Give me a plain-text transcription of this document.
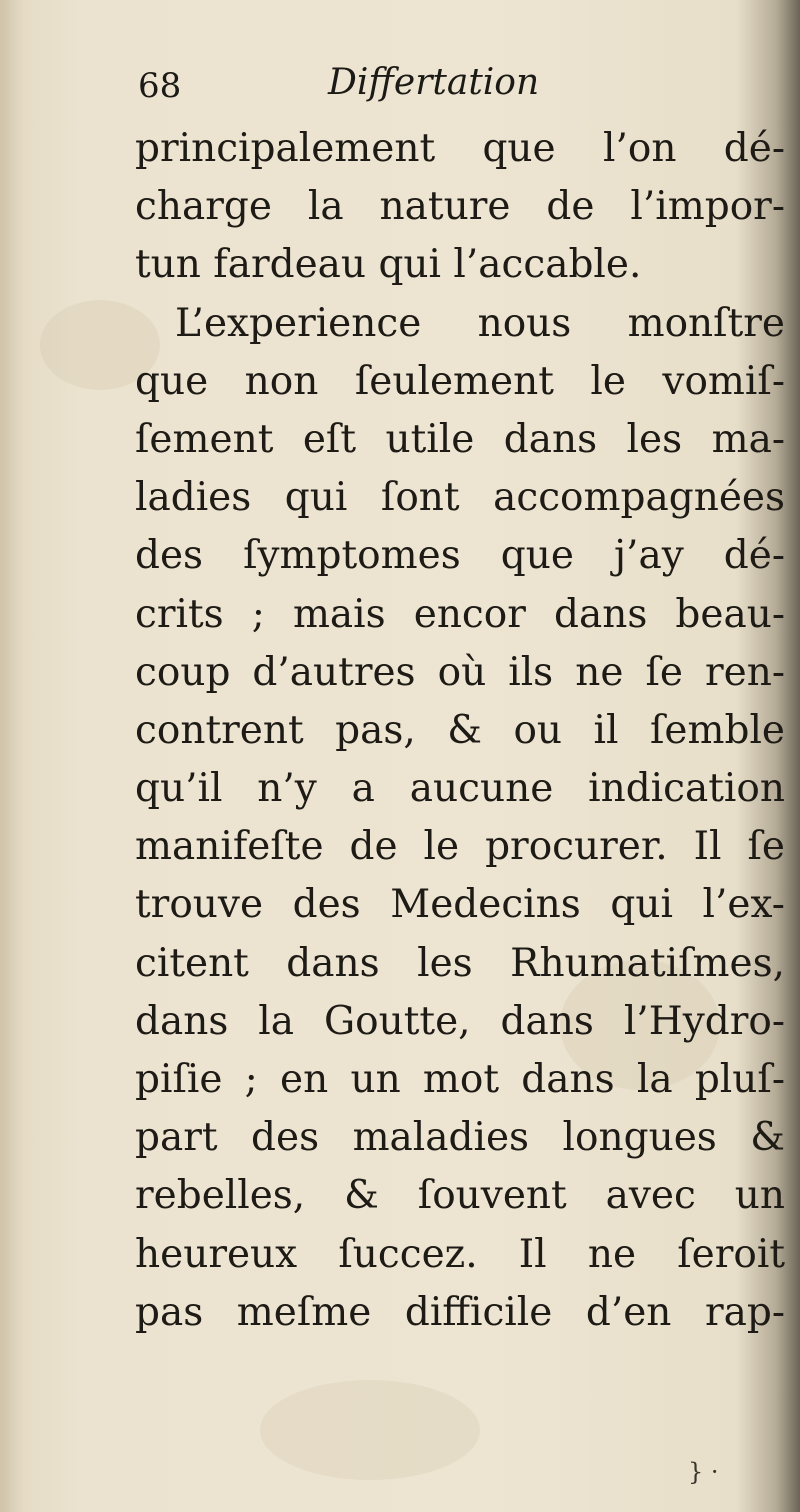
68	Differtation
principalement que l’on dé-
charge la nature de l’impor-
tun fardeau qui l’accable.
L’experience nous monſtre
que non ſeulement le vomiſ-
ſement eſt utile dans les ma-
ladies qui ſont accompagnées
des ſymptomes que j’ay dé-
crits ; mais encor dans beau-
coup d’autres où ils ne ſe ren-
contrent pas, & ou il ſemble
qu’il n’y a aucune indication
manifeſte de le procurer. Il ſe
trouve des Medecins qui l’ex-
citent dans les Rhumatiſmes,
dans la Goutte, dans l’Hydro-
piſie ; en un mot dans la pluſ-
part des maladies longues &
rebelles, & ſouvent avec un
heureux ſuccez. Il ne ſeroit
pas meſme difficile d’en rap-
} ·
